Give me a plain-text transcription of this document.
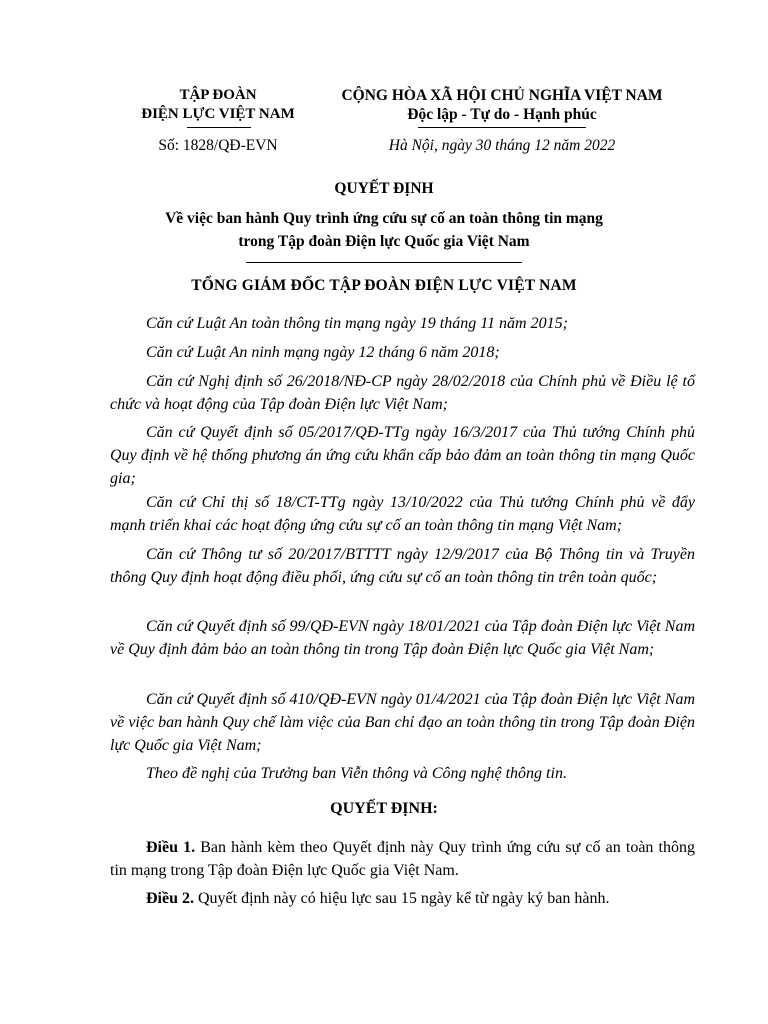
TẬP ĐOÀN
ĐIỆN LỰC VIỆT NAM
CỘNG HÒA XÃ HỘI CHỦ NGHĨA VIỆT NAM
Độc lập - Tự do - Hạnh phúc
Số: 1828/QĐ-EVN	Hà Nội, ngày 30 tháng 12 năm 2022
QUYẾT ĐỊNH
Về việc ban hành Quy trình ứng cứu sự cố an toàn thông tin mạng
trong Tập đoàn Điện lực Quốc gia Việt Nam
TỔNG GIÁM ĐỐC TẬP ĐOÀN ĐIỆN LỰC VIỆT NAM
Căn cứ Luật An toàn thông tin mạng ngày 19 tháng 11 năm 2015;
Căn cứ Luật An ninh mạng ngày 12 tháng 6 năm 2018;
Căn cứ Nghị định số 26/2018/NĐ-CP ngày 28/02/2018 của Chính phủ về Điều lệ tổ chức và hoạt động của Tập đoàn Điện lực Việt Nam;
Căn cứ Quyết định số 05/2017/QĐ-TTg ngày 16/3/2017 của Thủ tướng Chính phủ Quy định về hệ thống phương án ứng cứu khẩn cấp bảo đảm an toàn thông tin mạng Quốc gia;
Căn cứ Chỉ thị số 18/CT-TTg ngày 13/10/2022 của Thủ tướng Chính phủ về đẩy mạnh triển khai các hoạt động ứng cứu sự cố an toàn thông tin mạng Việt Nam;
Căn cứ Thông tư số 20/2017/BTTTT ngày 12/9/2017 của Bộ Thông tin và Truyền thông Quy định hoạt động điều phối, ứng cứu sự cố an toàn thông tin trên toàn quốc;
Căn cứ Quyết định số 99/QĐ-EVN ngày 18/01/2021 của Tập đoàn Điện lực Việt Nam về Quy định đảm bảo an toàn thông tin trong Tập đoàn Điện lực Quốc gia Việt Nam;
Căn cứ Quyết định số 410/QĐ-EVN ngày 01/4/2021 của Tập đoàn Điện lực Việt Nam về việc ban hành Quy chế làm việc của Ban chỉ đạo an toàn thông tin trong Tập đoàn Điện lực Quốc gia Việt Nam;
Theo đề nghị của Trưởng ban Viễn thông và Công nghệ thông tin.
QUYẾT ĐỊNH:
Điều 1. Ban hành kèm theo Quyết định này Quy trình ứng cứu sự cố an toàn thông tin mạng trong Tập đoàn Điện lực Quốc gia Việt Nam.
Điều 2. Quyết định này có hiệu lực sau 15 ngày kể từ ngày ký ban hành.
